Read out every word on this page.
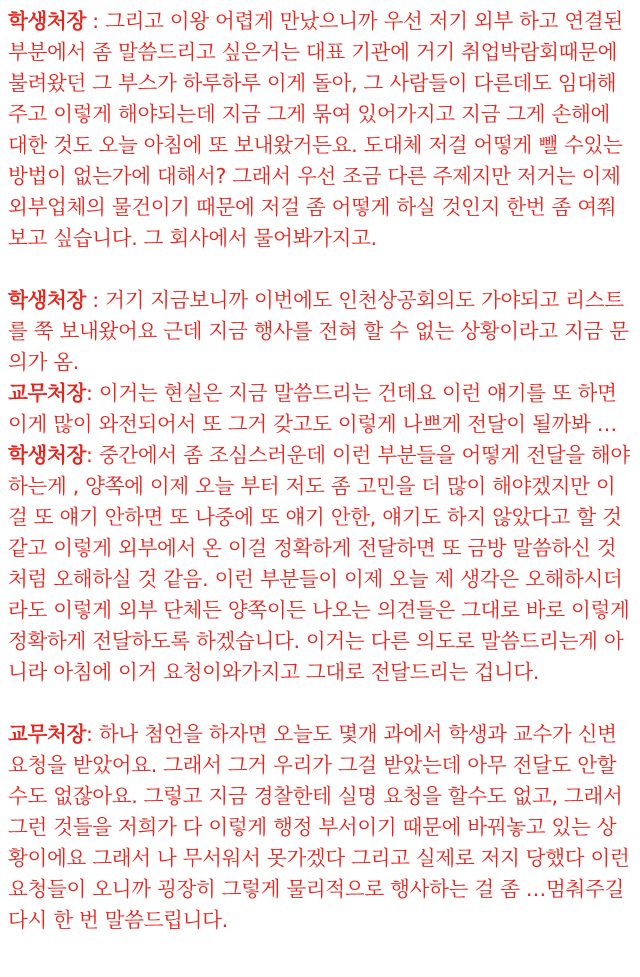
학생처장 : 그리고 이왕 어렵게 만났으니까 우선 저기 외부 하고 연결된 부분에서 좀 말씀드리고 싶은거는 대표 기관에 거기 취업박람회때문에 불려왔던 그 부스가 하루하루 이게 돌아, 그 사람들이 다른데도 임대해주고 이렇게 해야되는데 지금 그게 묶여 있어가지고 지금 그게 손해에 대한 것도 오늘 아침에 또 보내왔거든요. 도대체 저걸 어떻게 뺄 수있는 방법이 없는가에 대해서? 그래서 우선 조금 다른 주제지만 저거는 이제 외부업체의 물건이기 때문에 저걸 좀 어떻게 하실 것인지 한번 좀 여쭤보고 싶습니다. 그 회사에서 물어봐가지고.

학생처장 : 거기 지금보니까 이번에도 인천상공회의도 가야되고 리스트를 쭉 보내왔어요 근데 지금 행사를 전혀 할 수 없는 상황이라고 지금 문의가 옴.

교무처장: 이거는 현실은 지금 말씀드리는 건데요 이런 얘기를 또 하면 이게 많이 와전되어서 또 그거 갖고도 이렇게 나쁘게 전달이 될까봐 …

학생처장: 중간에서 좀 조심스러운데 이런 부분들을 어떻게 전달을 해야하는게 , 양쪽에 이제 오늘 부터 저도 좀 고민을 더 많이 해야겠지만 이걸 또 얘기 안하면 또 나중에 또 얘기 안한, 얘기도 하지 않았다고 할 것 같고 이렇게 외부에서 온 이걸 정확하게 전달하면 또 금방 말씀하신 것처럼 오해하실 것 같음. 이런 부분들이 이제 오늘 제 생각은 오해하시더라도 이렇게 외부 단체든 양쪽이든 나오는 의견들은 그대로 바로 이렇게 정확하게 전달하도록 하겠습니다. 이거는 다른 의도로 말씀드리는게 아니라 아침에 이거 요청이와가지고 그대로 전달드리는 겁니다.

교무처장: 하나 첨언을 하자면 오늘도 몇개 과에서 학생과 교수가 신변 요청을 받았어요. 그래서 그거 우리가 그걸 받았는데 아무 전달도 안할수도 없잖아요. 그렇고 지금 경찰한테 실명 요청을 할수도 없고, 그래서 그런 것들을 저희가 다 이렇게 행정 부서이기 때문에 바꿔놓고 있는 상황이에요 그래서 나 무서워서 못가겠다 그리고 실제로 저지 당했다 이런 요청들이 오니까 굉장히 그렇게 물리적으로 행사하는 걸 좀 …멈춰주길 다시 한 번 말씀드립니다.
